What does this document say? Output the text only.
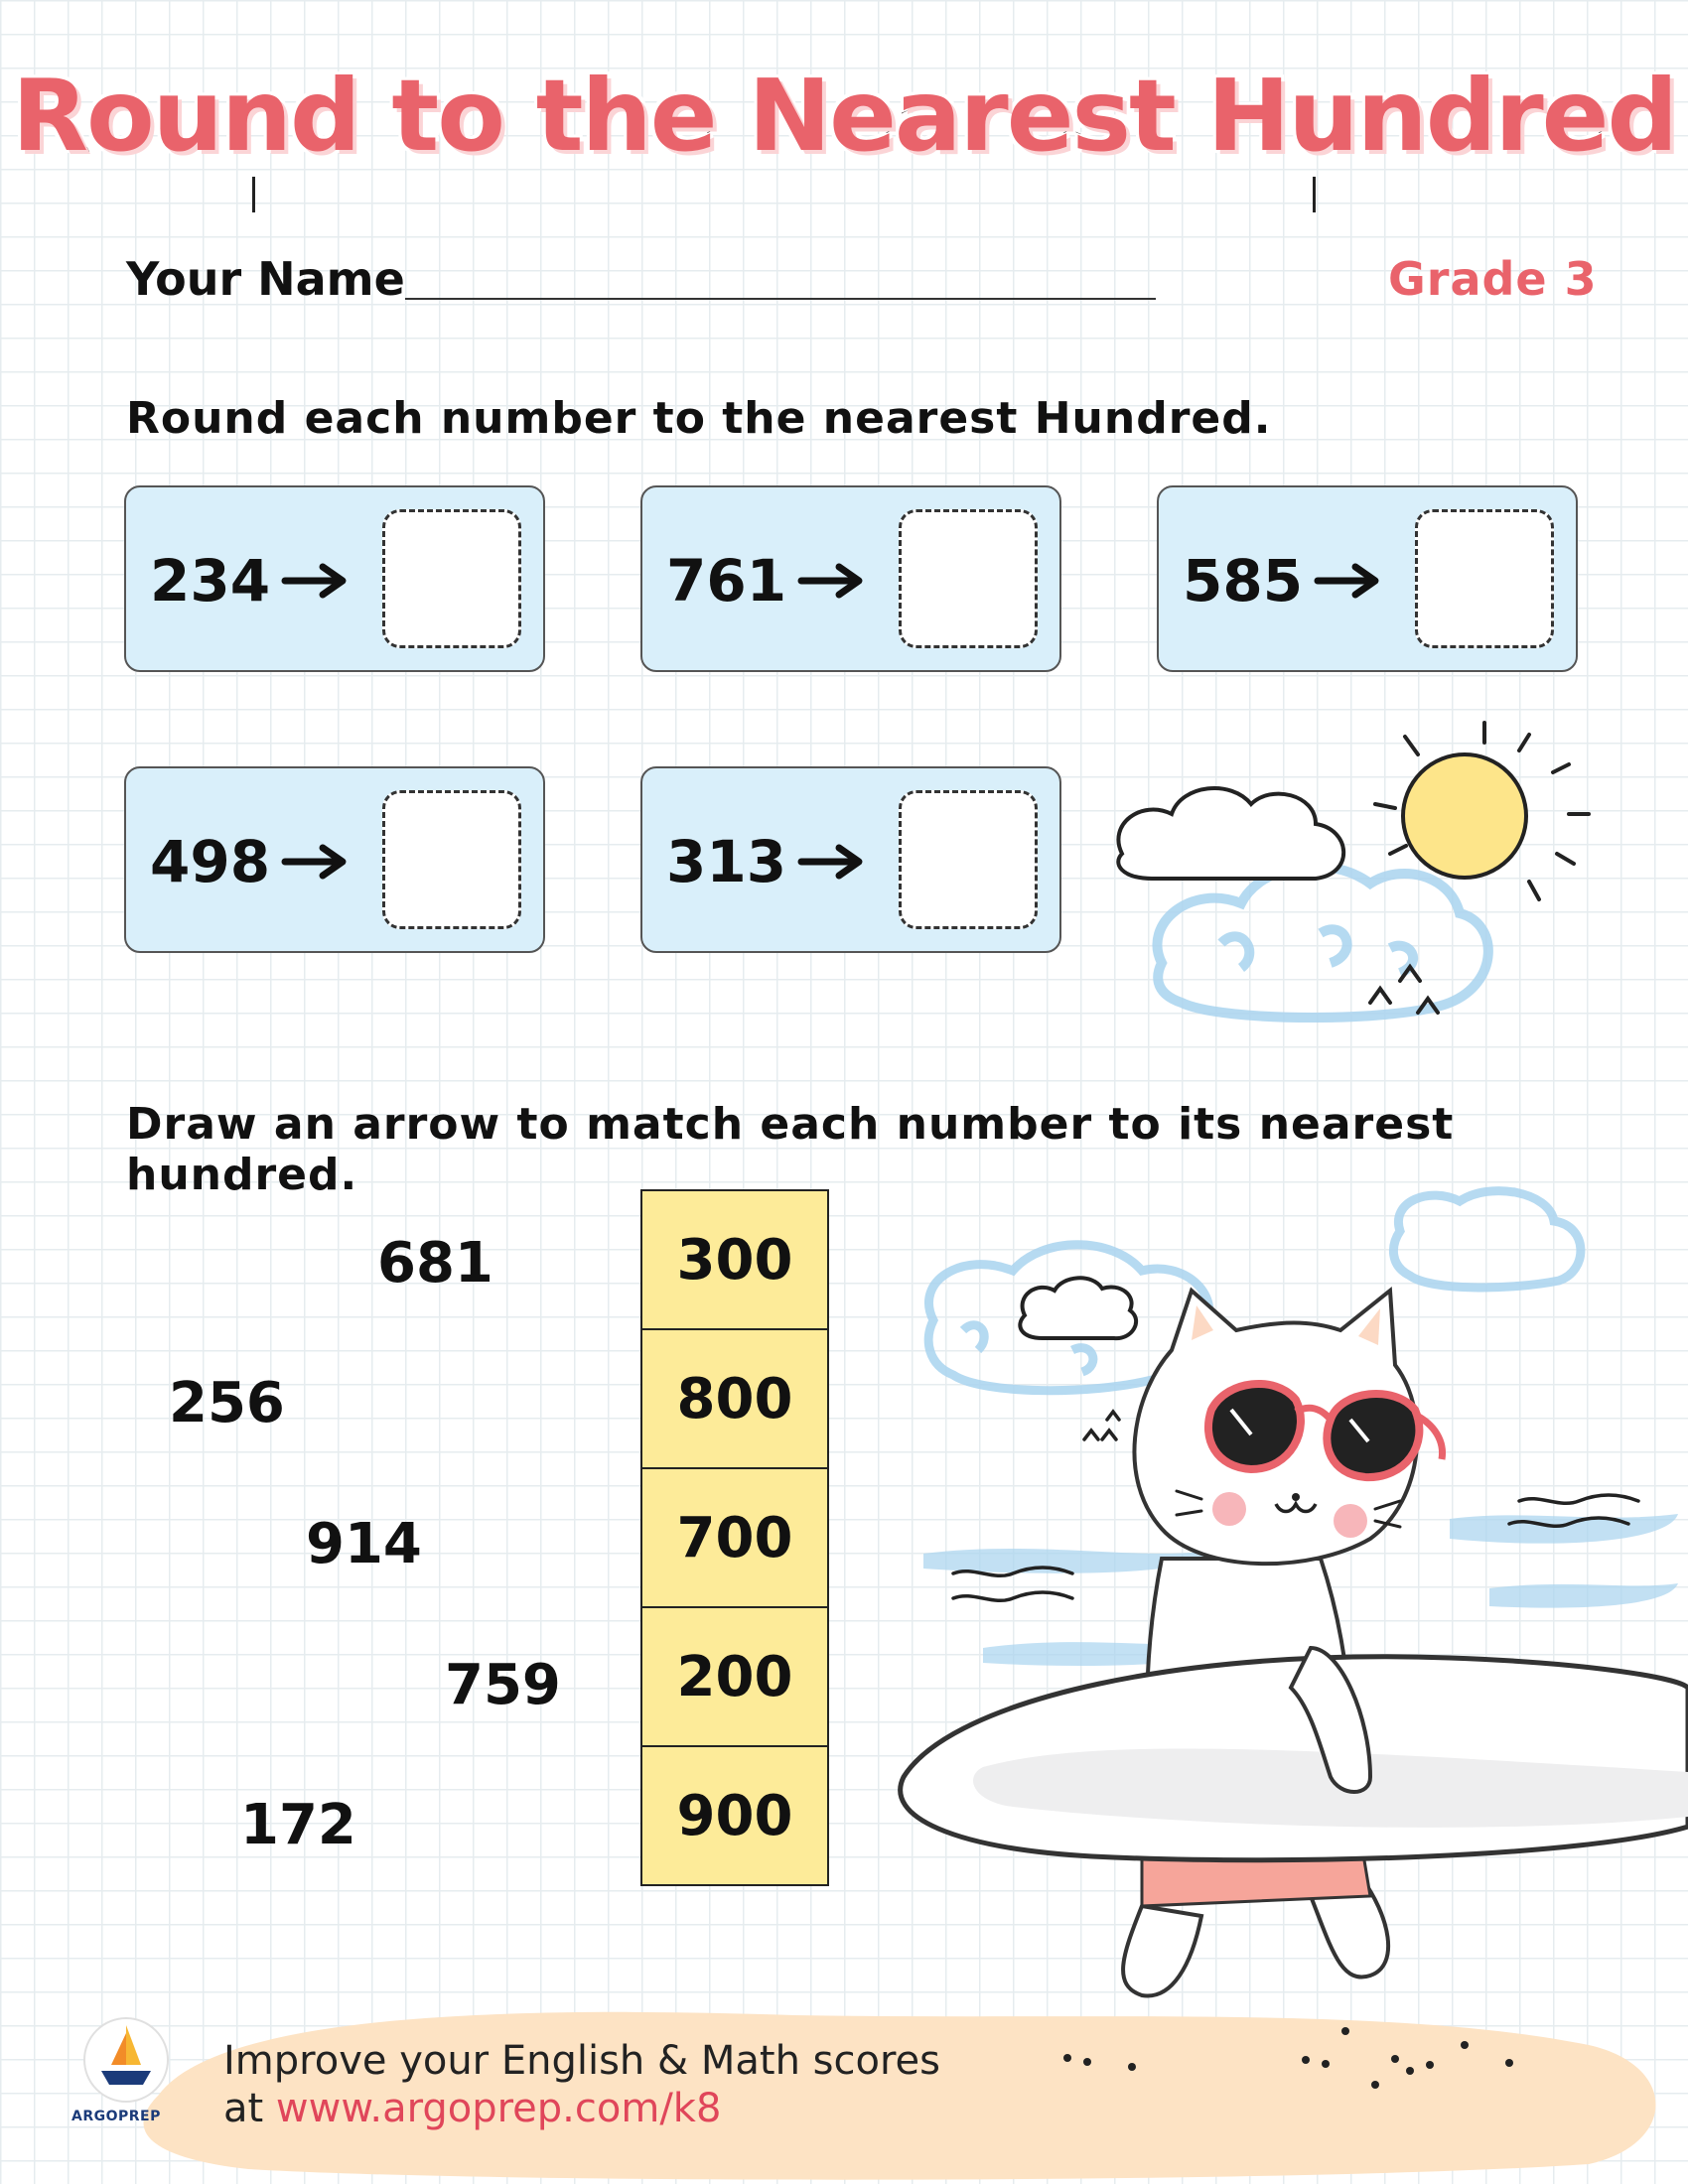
Round to the Nearest Hundred
Your Name	Grade 3
Round each number to the nearest Hundred.
234	761	585
498	313
Draw an arrow to match each number to its nearest hundred.
681
256
914
759
172
300
800
700
200
900
ARGOPREP
Improve your English & Math scores
at www.argoprep.com/k8
